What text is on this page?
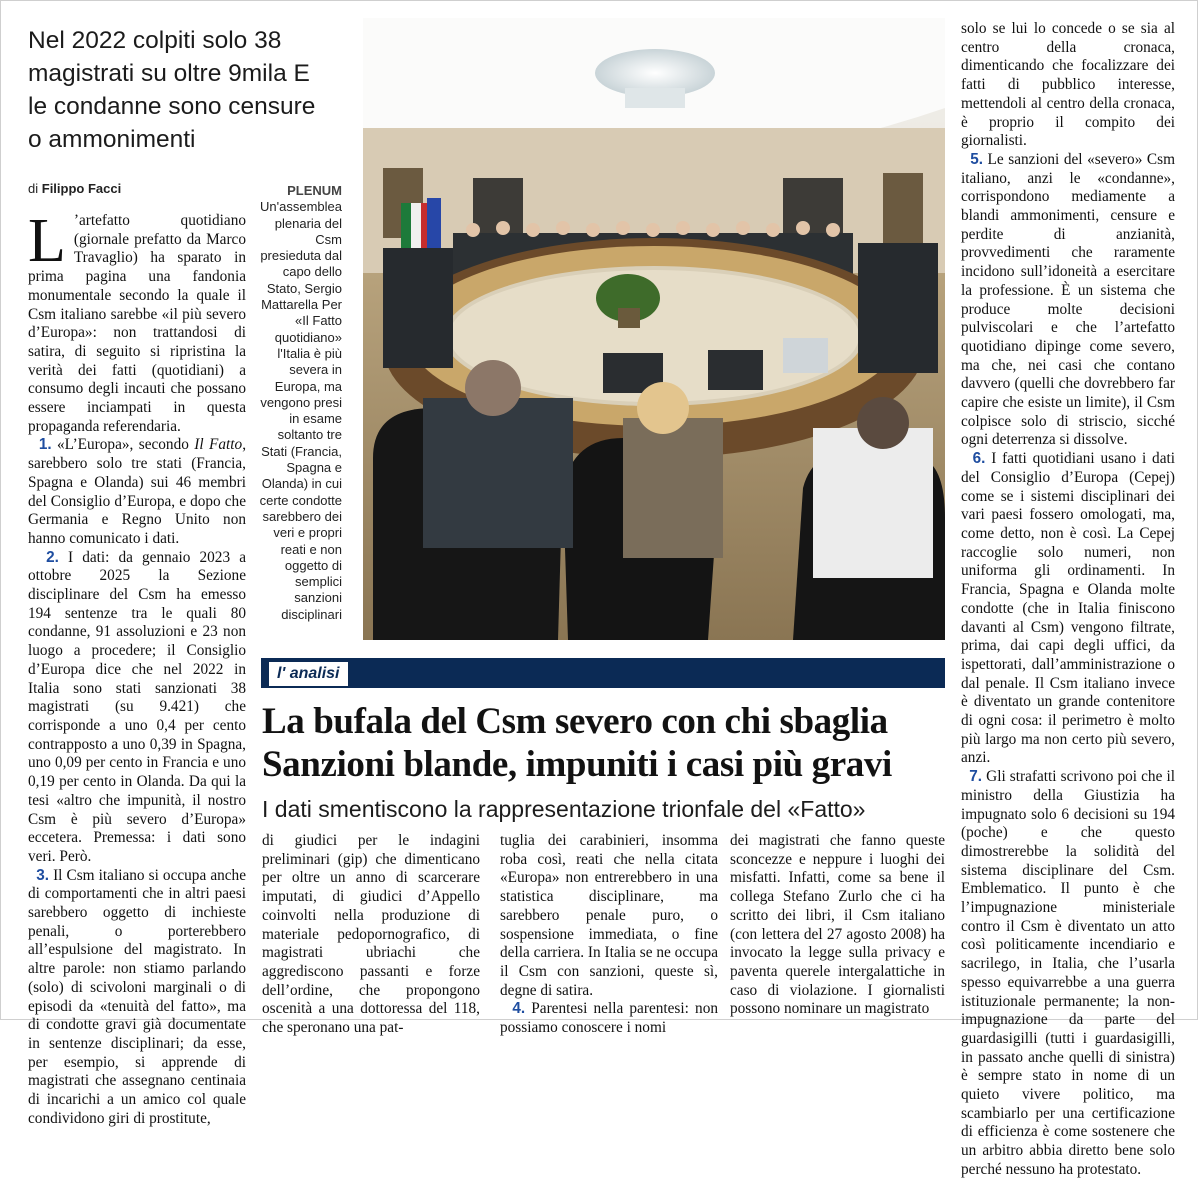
Nel 2022 colpiti solo 38 magistrati su oltre 9mila E le condanne sono censure o ammonimenti
di Filippo Facci

L ’artefatto quotidiano (giornale prefatto da Marco Travaglio) ha sparato in prima pagina una fandonia monumentale secondo la quale il Csm italiano sarebbe «il più severo d’Europa»: non trattandosi di satira, di seguito si ripristina la verità dei fatti (quotidiani) a consumo degli incauti che possano essere inciampati in questa propaganda referendaria.

1. «L’Europa», secondo Il Fatto, sarebbero solo tre stati (Francia, Spagna e Olanda) sui 46 membri del Consiglio d’Europa, e dopo che Germania e Regno Unito non hanno comunicato i dati.

2. I dati: da gennaio 2023 a ottobre 2025 la Sezione disciplinare del Csm ha emesso 194 sentenze tra le quali 80 condanne, 91 assoluzioni e 23 non luogo a procedere; il Consiglio d’Europa dice che nel 2022 in Italia sono stati sanzionati 38 magistrati (su 9.421) che corrisponde a uno 0,4 per cento contrapposto a uno 0,39 in Spagna, uno 0,09 per cento in Francia e uno 0,19 per cento in Olanda. Da qui la tesi «altro che impunità, il nostro Csm è più severo d’Europa» eccetera. Premessa: i dati sono veri. Però.

3. Il Csm italiano si occupa anche di comportamenti che in altri paesi sarebbero oggetto di inchieste penali, o porterebbero all’espulsione del magistrato. In altre parole: non stiamo parlando (solo) di scivoloni marginali o di episodi da «tenuità del fatto», ma di condotte gravi già documentate in sentenze disciplinari; da esse, per esempio, si apprende di magistrati che assegnano centinaia di incarichi a un amico col quale condividono giri di prostitute,

PLENUM
Un'assemblea plenaria del Csm presieduta dal capo dello Stato, Sergio Mattarella Per «Il Fatto quotidiano» l'Italia è più severa in Europa, ma vengono presi in esame soltanto tre Stati (Francia, Spagna e Olanda) in cui certe condotte sarebbero dei veri e propri reati e non oggetto di semplici sanzioni disciplinari

solo se lui lo concede o se sia al centro della cronaca, dimenticando che focalizzare dei fatti di pubblico interesse, mettendoli al centro della cronaca, è proprio il compito dei giornalisti.

5. Le sanzioni del «severo» Csm italiano, anzi le «condanne», corrispondono mediamente a blandi ammonimenti, censure e perdite di anzianità, provvedimenti che raramente incidono sull’idoneità a esercitare la professione. È un sistema che produce molte decisioni pulviscolari e che l’artefatto quotidiano dipinge come severo, ma che, nei casi che contano davvero (quelli che dovrebbero far capire che esiste un limite), il Csm colpisce solo di striscio, sicché ogni deterrenza si dissolve.

6. I fatti quotidiani usano i dati del Consiglio d’Europa (Cepej) come se i sistemi disciplinari dei vari paesi fossero omologati, ma, come detto, non è così. La Cepej raccoglie solo numeri, non uniforma gli ordinamenti. In Francia, Spagna e Olanda molte condotte (che in Italia finiscono davanti al Csm) vengono filtrate, prima, dai capi degli uffici, da ispettorati, dall’amministrazione o dal penale. Il Csm italiano invece è diventato un grande contenitore di ogni cosa: il perimetro è molto più largo ma non certo più severo, anzi.

7. Gli strafatti scrivono poi che il ministro della Giustizia ha impugnato solo 6 decisioni su 194 (poche) e che questo dimostrerebbe la solidità del sistema disciplinare del Csm. Emblematico. Il punto è che l’impugnazione ministeriale contro il Csm è diventato un atto così politicamente incendiario e sacrilego, in Italia, che l’usarla spesso equivarrebbe a una guerra istituzionale permanente; la non-impugnazione da parte del guardasigilli (tutti i guardasigilli, in passato anche quelli di sinistra) è sempre stato in nome di un quieto vivere politico, ma scambiarlo per una certificazione di efficienza è come sostenere che un arbitro abbia diretto bene solo perché nessuno ha protestato.

l' analisi
La bufala del Csm severo con chi sbaglia
Sanzioni blande, impuniti i casi più gravi
I dati smentiscono la rappresentazione trionfale del «Fatto»

di giudici per le indagini preliminari (gip) che dimenticano per oltre un anno di scarcerare imputati, di giudici d’Appello coinvolti nella produzione di materiale pedopornografico, di magistrati ubriachi che aggrediscono passanti e forze dell’ordine, che propongono oscenità a una dottoressa del 118, che speronano una pat-

tuglia dei carabinieri, insomma roba così, reati che nella citata «Europa» non entrerebbero in una statistica disciplinare, ma sarebbero penale puro, o sospensione immediata, o fine della carriera. In Italia se ne occupa il Csm con sanzioni, queste sì, degne di satira.

4. Parentesi nella parentesi: non possiamo conoscere i nomi

dei magistrati che fanno queste sconcezze e neppure i luoghi dei misfatti. Infatti, come sa bene il collega Stefano Zurlo che ci ha scritto dei libri, il Csm italiano (con lettera del 27 agosto 2008) ha invocato la legge sulla privacy e paventa querele intergalattiche in caso di violazione. I giornalisti possono nominare un magistrato
